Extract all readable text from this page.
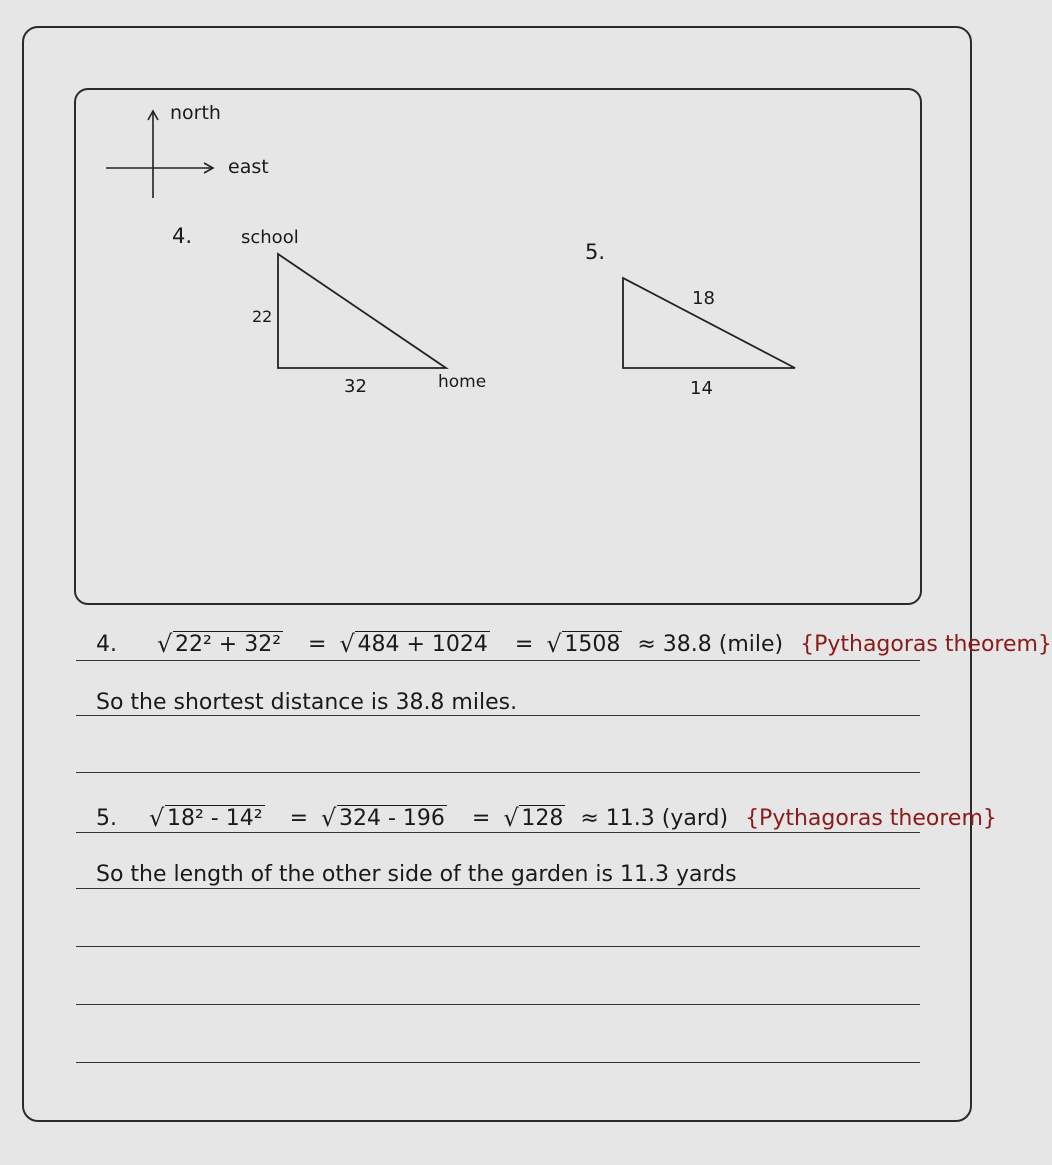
north
east
4.	school
22
32	home
5.
18
14
4.	√ 22² + 32² = √ 484 + 1024 = √ 1508 ≈ 38.8 (mile) {Pythagoras theorem}
So the shortest distance is 38.8 miles.
5. √ 18² - 14² = √ 324 - 196 = √ 128 ≈ 11.3 (yard) {Pythagoras theorem}
So the length of the other side of the garden is 11.3 yards
